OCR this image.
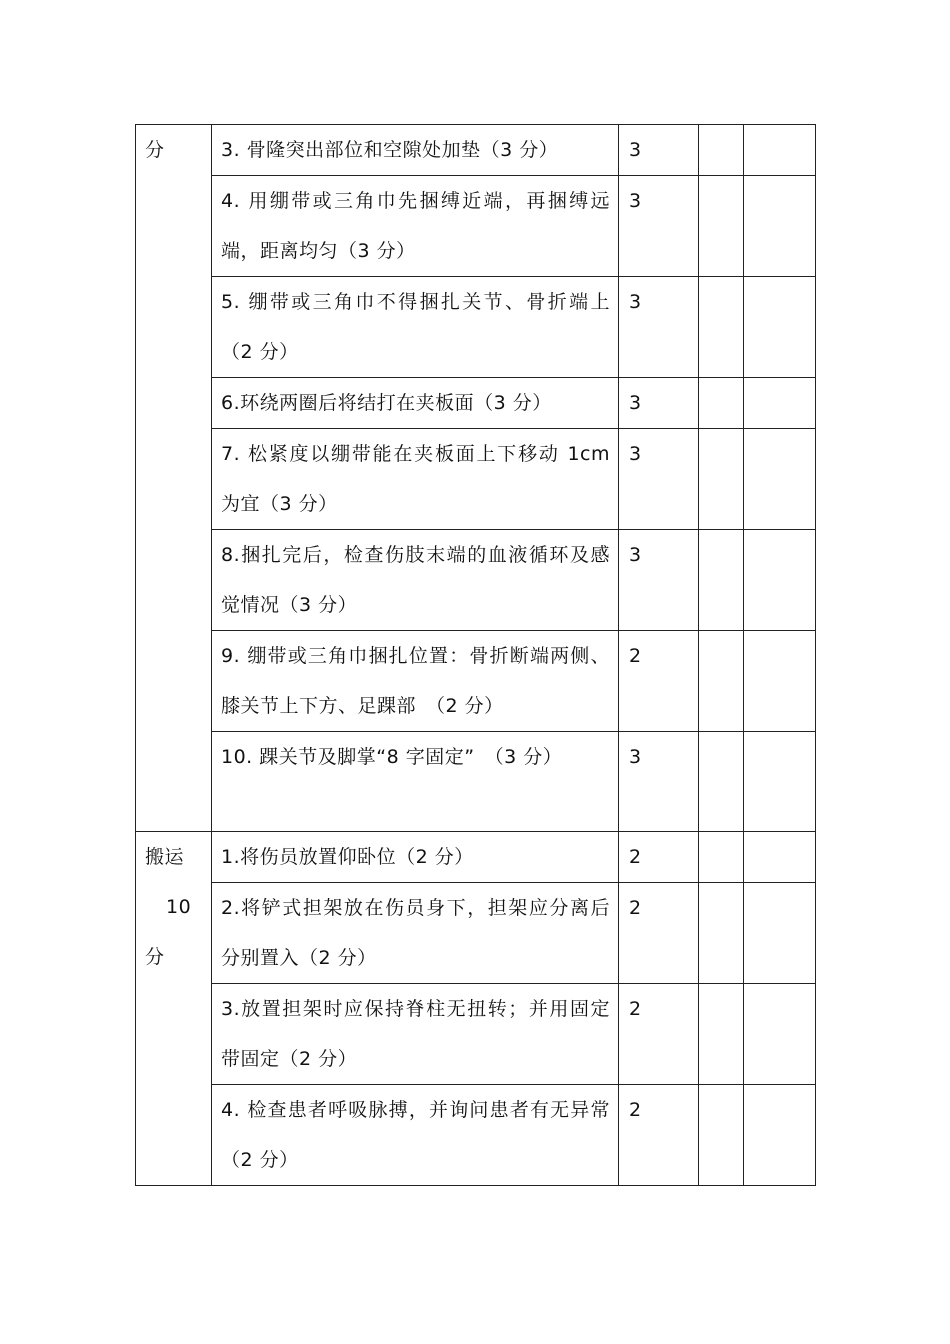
分	3. 骨隆突出部位和空隙处加垫（3 分）	3		

	4. 用绷带或三角巾先捆缚近端，再捆缚远端，距离均匀（3 分）	3		

	5. 绷带或三角巾不得捆扎关节、骨折端上（2 分）	3		

	6.环绕两圈后将结打在夹板面（3 分）	3		

	7. 松紧度以绷带能在夹板面上下移动 1cm 为宜（3 分）	3		

	8.捆扎完后，检查伤肢末端的血液循环及感觉情况（3 分）	3		

	9. 绷带或三角巾捆扎位置：骨折断端两侧、膝关节上下方、足踝部　（2 分）	2		

	10. 踝关节及脚掌“8 字固定”　（3 分）	3		

搬运
10
分	1.将伤员放置仰卧位（2 分）	2		

	2.将铲式担架放在伤员身下，担架应分离后分别置入（2 分）	2		

	3.放置担架时应保持脊柱无扭转；并用固定带固定（2 分）	2		

	4. 检查患者呼吸脉搏，并询问患者有无异常（2 分）	2		
